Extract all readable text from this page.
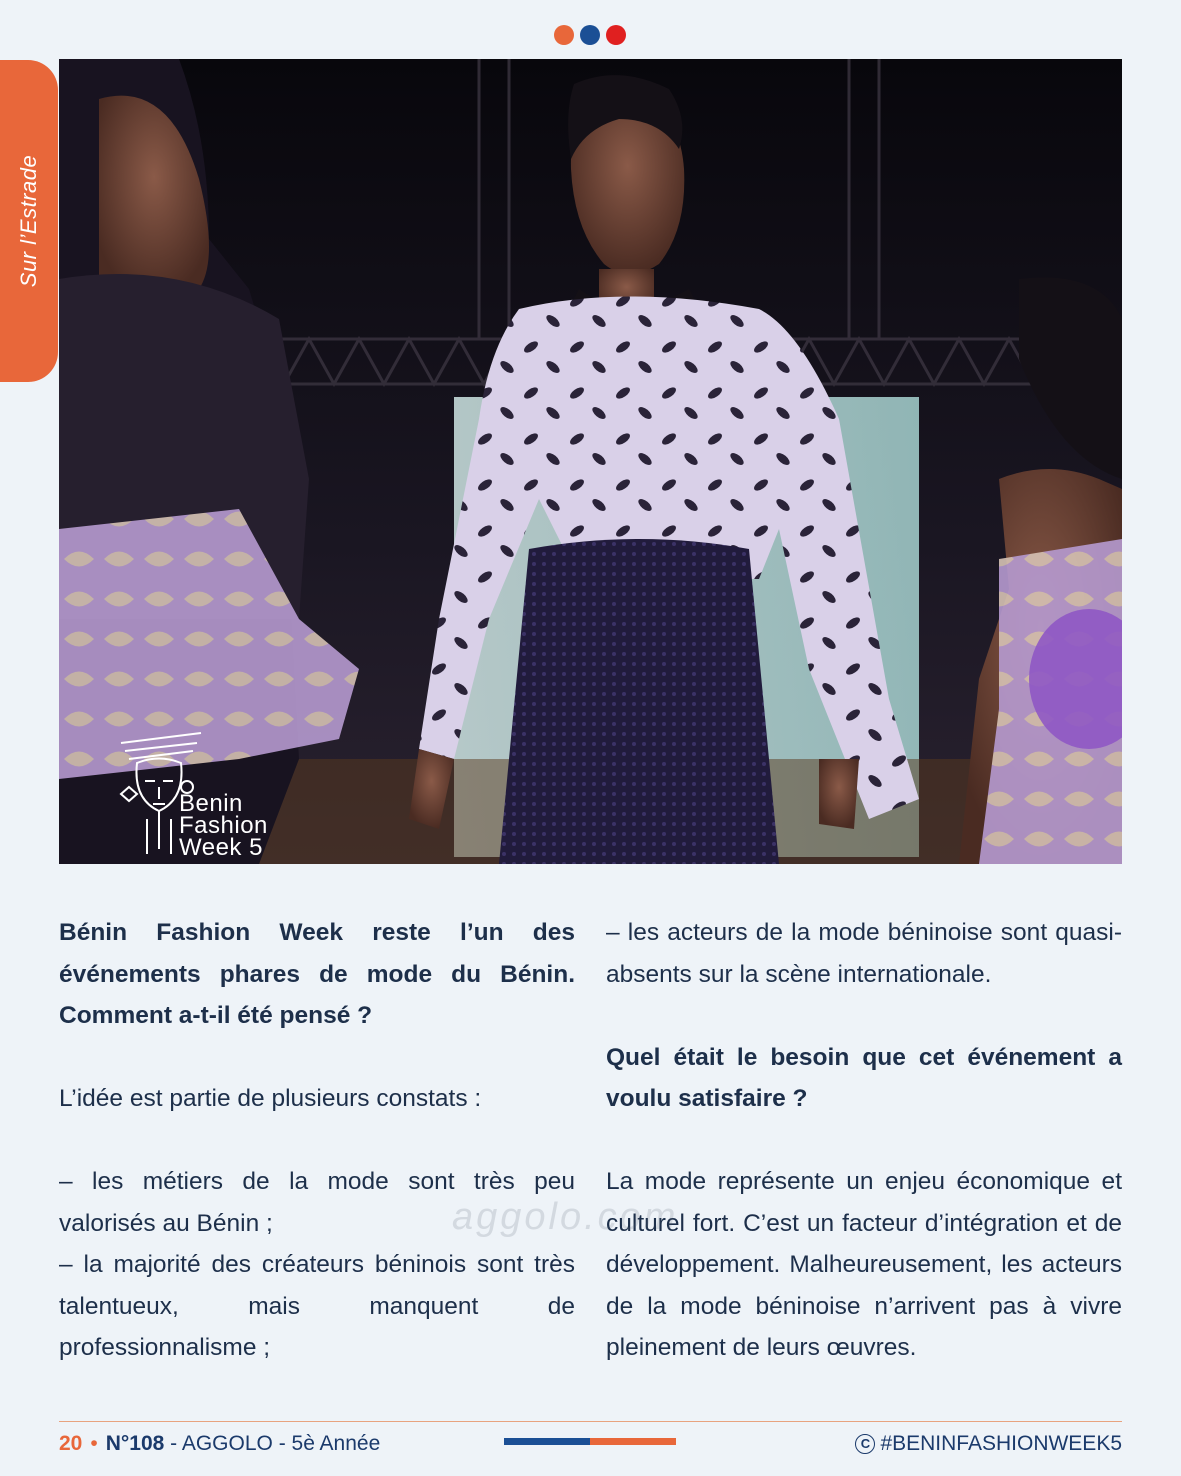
Sur l’Estrade
Benin
Fashion
Week 5

Bénin Fashion Week reste l’un des événements phares de mode du Bénin. Comment a-t-il été pensé ?

L’idée est partie de plusieurs constats :

– les métiers de la mode sont très peu valorisés au Bénin ;

– la majorité des créateurs béninois sont très talentueux, mais manquent de professionnalisme ;

– les acteurs de la mode béninoise sont quasi-absents sur la scène internationale.

Quel était le besoin que cet événement a voulu satisfaire ?

La mode représente un enjeu économique et culturel fort. C’est un facteur d’intégration et de développement. Malheureusement, les acteurs de la mode béninoise n’arrivent pas à vivre pleinement de leurs œuvres.

aggolo.com
20 • N°108 - AGGOLO - 5è Année	C #BENINFASHIONWEEK5
